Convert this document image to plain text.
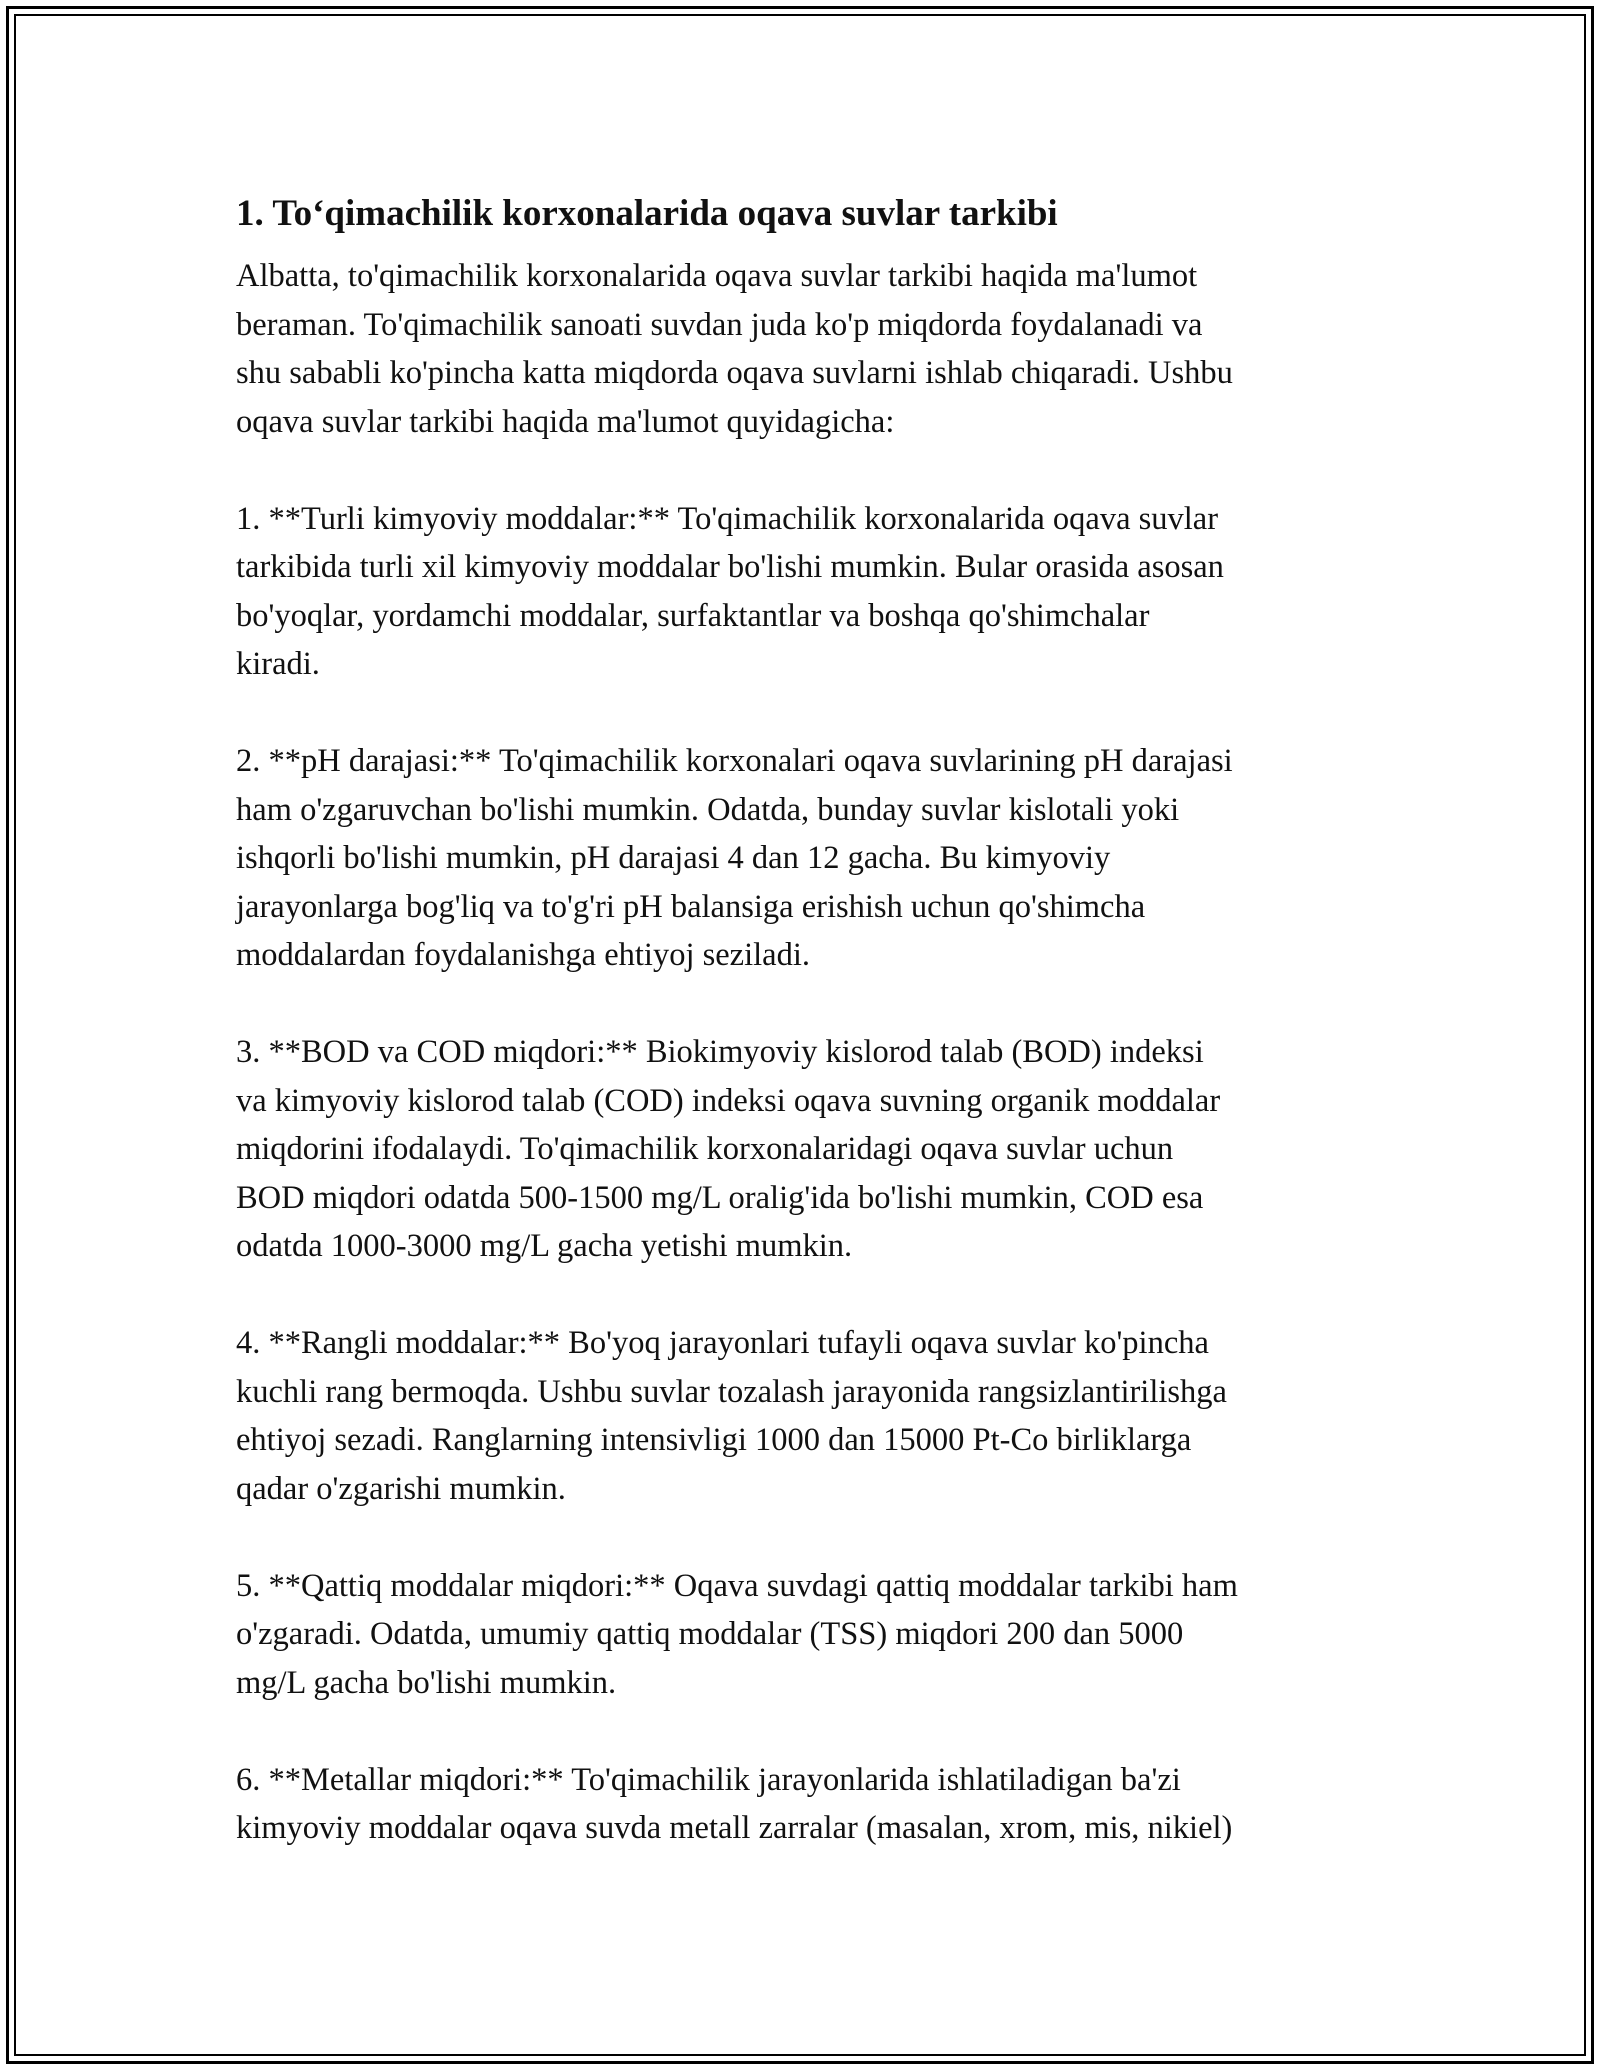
1. To‘qimachilik korxonalarida oqava suvlar tarkibi

Albatta, to'qimachilik korxonalarida oqava suvlar tarkibi haqida ma'lumot
beraman. To'qimachilik sanoati suvdan juda ko'p miqdorda foydalanadi va
shu sababli ko'pincha katta miqdorda oqava suvlarni ishlab chiqaradi. Ushbu
oqava suvlar tarkibi haqida ma'lumot quyidagicha:

1. **Turli kimyoviy moddalar:** To'qimachilik korxonalarida oqava suvlar
tarkibida turli xil kimyoviy moddalar bo'lishi mumkin. Bular orasida asosan
bo'yoqlar, yordamchi moddalar, surfaktantlar va boshqa qo'shimchalar
kiradi.

2. **pH darajasi:** To'qimachilik korxonalari oqava suvlarining pH darajasi
ham o'zgaruvchan bo'lishi mumkin. Odatda, bunday suvlar kislotali yoki
ishqorli bo'lishi mumkin, pH darajasi 4 dan 12 gacha. Bu kimyoviy
jarayonlarga bog'liq va to'g'ri pH balansiga erishish uchun qo'shimcha
moddalardan foydalanishga ehtiyoj seziladi.

3. **BOD va COD miqdori:** Biokimyoviy kislorod talab (BOD) indeksi
va kimyoviy kislorod talab (COD) indeksi oqava suvning organik moddalar
miqdorini ifodalaydi. To'qimachilik korxonalaridagi oqava suvlar uchun
BOD miqdori odatda 500-1500 mg/L oralig'ida bo'lishi mumkin, COD esa
odatda 1000-3000 mg/L gacha yetishi mumkin.

4. **Rangli moddalar:** Bo'yoq jarayonlari tufayli oqava suvlar ko'pincha
kuchli rang bermoqda. Ushbu suvlar tozalash jarayonida rangsizlantirilishga
ehtiyoj sezadi. Ranglarning intensivligi 1000 dan 15000 Pt-Co birliklarga
qadar o'zgarishi mumkin.

5. **Qattiq moddalar miqdori:** Oqava suvdagi qattiq moddalar tarkibi ham
o'zgaradi. Odatda, umumiy qattiq moddalar (TSS) miqdori 200 dan 5000
mg/L gacha bo'lishi mumkin.

6. **Metallar miqdori:** To'qimachilik jarayonlarida ishlatiladigan ba'zi
kimyoviy moddalar oqava suvda metall zarralar (masalan, xrom, mis, nikiel)
